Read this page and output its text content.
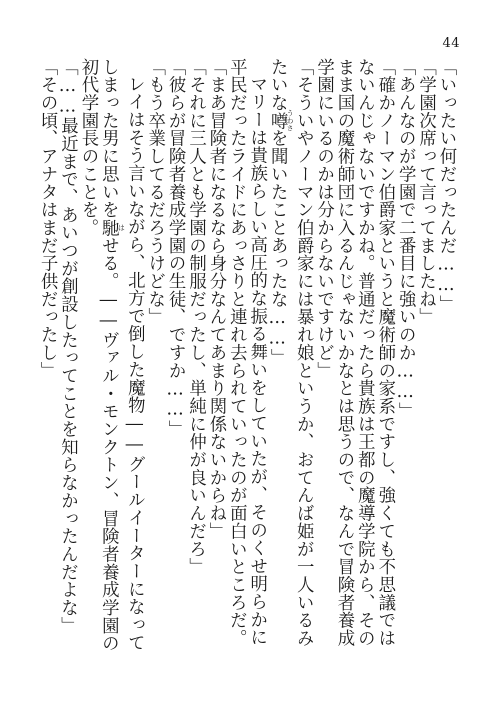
44

「いったい何だったんだ……」

「学園次席って言ってましたね」

「あんなのが学園で二番目に強いのか……」

「確かノーマン伯爵家というと魔術師の家系ですし、強くても不思議ではないんじゃないですかね。普通だったら貴族は王都の魔導学院から、そのまま国の魔術師団に入るんじゃないかなとは思うので、なんで冒険者養成学園にいるのかは分からないですけど」

「そういやノーマン伯爵家には暴れ娘というか、おてんば姫が一人いるみたいな噂 うわさを聞いたことあったな……」

マリーは貴族らしい高圧的な振る舞いをしていたが、そのくせ明らかに平民だったライドにあっさりと連れ去られていったのが面白いところだ。

「まあ冒険者になるなら身分なんてあまり関係ないからね」

「それに三人とも学園の制服だったし、単純に仲が良いんだろ」

「彼らが冒険者養成学園の生徒、ですか……」

「もう卒業してるだろうけどな」

レイはそう言いながら、北方で倒した魔物――グールイーターになってしまった男に思いを馳 はせる。――ヴァル・モンクトン、冒険者養成学園の初代学園長のことを。

「……最近まで、あいつが創設したってことを知らなかったんだよな」

「その頃、アナタはまだ子供だったし」
